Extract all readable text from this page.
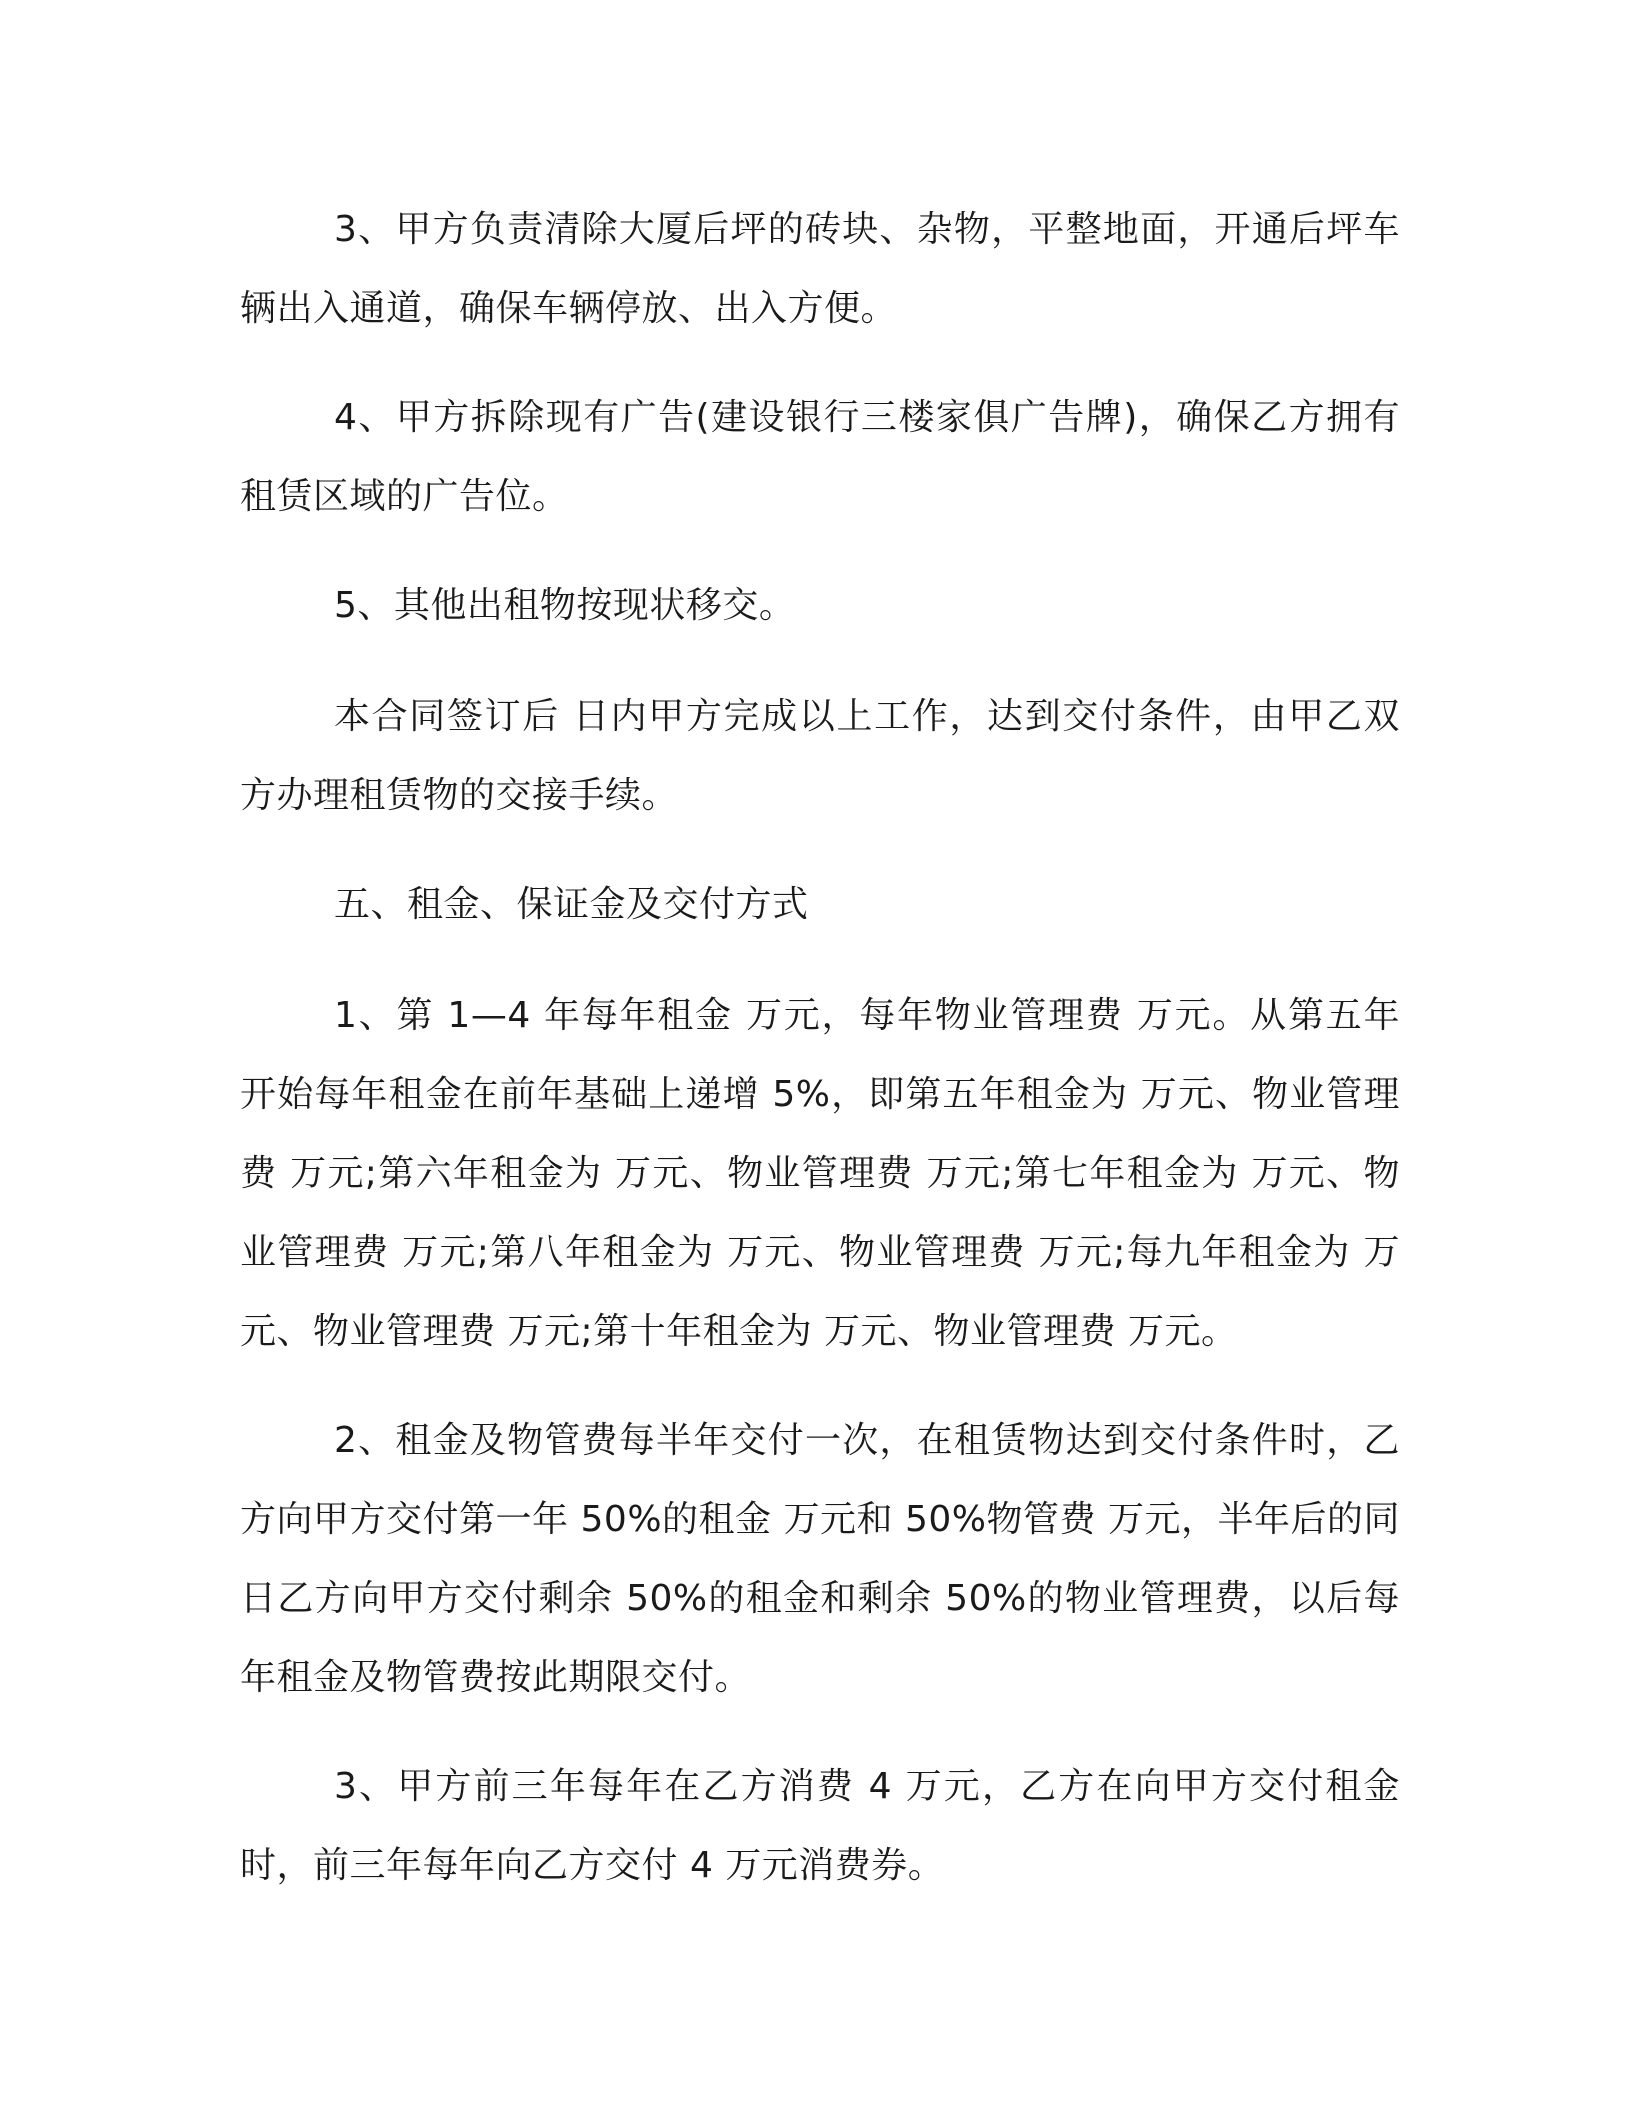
3、甲方负责清除大厦后坪的砖块、杂物，平整地面，开通后坪车辆出入通道，确保车辆停放、出入方便。

4、甲方拆除现有广告(建设银行三楼家俱广告牌)，确保乙方拥有租赁区域的广告位。

5、其他出租物按现状移交。

本合同签订后 日内甲方完成以上工作，达到交付条件，由甲乙双方办理租赁物的交接手续。

五、租金、保证金及交付方式

1、第 1—4 年每年租金 万元，每年物业管理费 万元。从第五年开始每年租金在前年基础上递增 5%，即第五年租金为 万元、物业管理费 万元;第六年租金为 万元、物业管理费 万元;第七年租金为 万元、物业管理费 万元;第八年租金为 万元、物业管理费 万元;每九年租金为 万元、物业管理费 万元;第十年租金为 万元、物业管理费 万元。

2、租金及物管费每半年交付一次，在租赁物达到交付条件时，乙方向甲方交付第一年 50%的租金 万元和 50%物管费 万元，半年后的同日乙方向甲方交付剩余 50%的租金和剩余 50%的物业管理费，以后每年租金及物管费按此期限交付。

3、甲方前三年每年在乙方消费 4 万元，乙方在向甲方交付租金时，前三年每年向乙方交付 4 万元消费券。
